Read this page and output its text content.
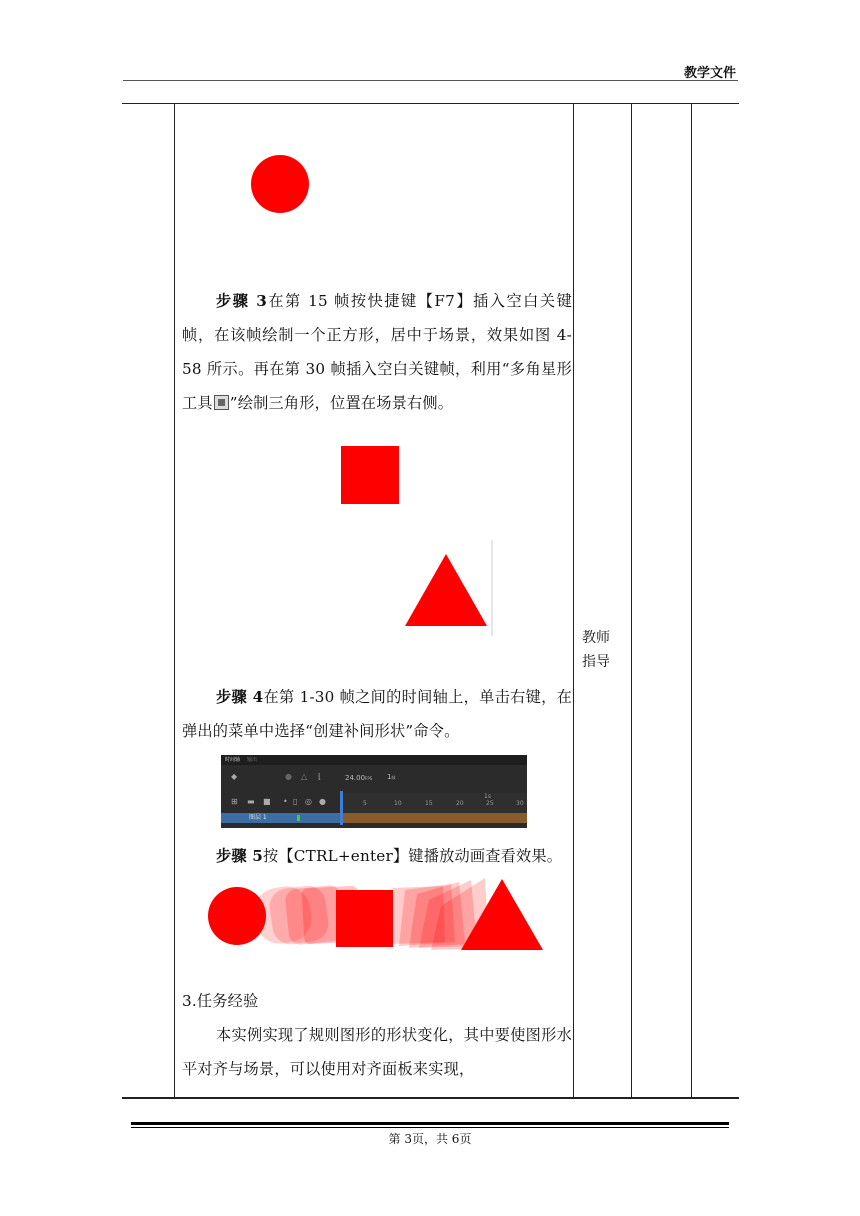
教学文件
教师
指导

步骤 3在第 15 帧按快捷键【F7】插入空白关键帧，在该帧绘制一个正方形，居中于场景，效果如图 4-58 所示。再在第 30 帧插入空白关键帧，利用“多角星形工具 ”绘制三角形，位置在场景右侧。

步骤 4在第 1-30 帧之间的时间轴上，单击右键，在弹出的菜单中选择“创建补间形状”命令。

时间轴 输出
◆	● △ ⌊	24.00FPS 1帧
⊞ ▬ ■ • ▯ ◎ ●
1s
5	10	15	20	25	30
图层 1

步骤 5按【CTRL+enter】键播放动画查看效果。

3.任务经验

本实例实现了规则图形的形状变化，其中要使图形水平对齐与场景，可以使用对齐面板来实现，

第 3页，共 6页
